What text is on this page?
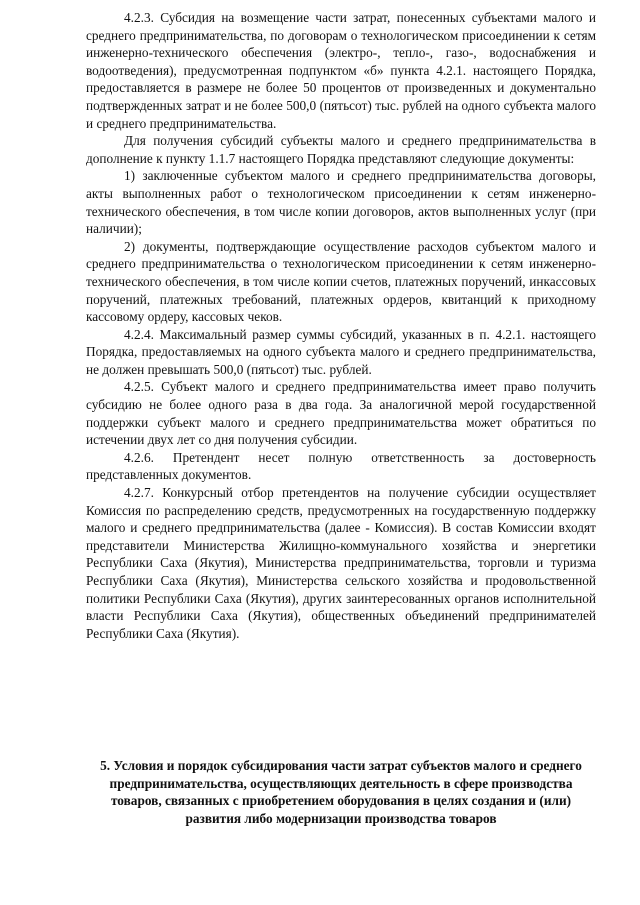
4.2.3. Субсидия на возмещение части затрат, понесенных субъектами малого и среднего предпринимательства, по договорам о технологическом присоединении к сетям инженерно-технического обеспечения (электро-, тепло-, газо-, водоснабжения и водоотведения), предусмотренная подпунктом «б» пункта 4.2.1. настоящего Порядка, предоставляется в размере не более 50 процентов от произведенных и документально подтвержденных затрат и не более 500,0 (пятьсот) тыс. рублей на одного субъекта малого и среднего предпринимательства.

Для получения субсидий субъекты малого и среднего предпринимательства в дополнение к пункту 1.1.7 настоящего Порядка представляют следующие документы:

1) заключенные субъектом малого и среднего предпринимательства договоры, акты выполненных работ о технологическом присоединении к сетям инженерно-технического обеспечения, в том числе копии договоров, актов выполненных услуг (при наличии);

2) документы, подтверждающие осуществление расходов субъектом малого и среднего предпринимательства о технологическом присоединении к сетям инженерно-технического обеспечения, в том числе копии счетов, платежных поручений, инкассовых поручений, платежных требований, платежных ордеров, квитанций к приходному кассовому ордеру, кассовых чеков.

4.2.4. Максимальный размер суммы субсидий, указанных в п. 4.2.1. настоящего Порядка, предоставляемых на одного субъекта малого и среднего предпринимательства, не должен превышать 500,0 (пятьсот) тыс. рублей.

4.2.5. Субъект малого и среднего предпринимательства имеет право получить субсидию не более одного раза в два года. За аналогичной мерой государственной поддержки субъект малого и среднего предпринимательства может обратиться по истечении двух лет со дня получения субсидии.

4.2.6. Претендент несет полную ответственность за достоверность представленных документов.

4.2.7. Конкурсный отбор претендентов на получение субсидии осуществляет Комиссия по распределению средств, предусмотренных на государственную поддержку малого и среднего предпринимательства (далее - Комиссия). В состав Комиссии входят представители Министерства Жилищно-коммунального хозяйства и энергетики Республики Саха (Якутия), Министерства предпринимательства, торговли и туризма Республики Саха (Якутия), Министерства сельского хозяйства и продовольственной политики Республики Саха (Якутия), других заинтересованных органов исполнительной власти Республики Саха (Якутия), общественных объединений предпринимателей Республики Саха (Якутия).

5. Условия и порядок субсидирования части затрат субъектов малого и среднего предпринимательства, осуществляющих деятельность в сфере производства товаров, связанных с приобретением оборудования в целях создания и (или) развития либо модернизации производства товаров
